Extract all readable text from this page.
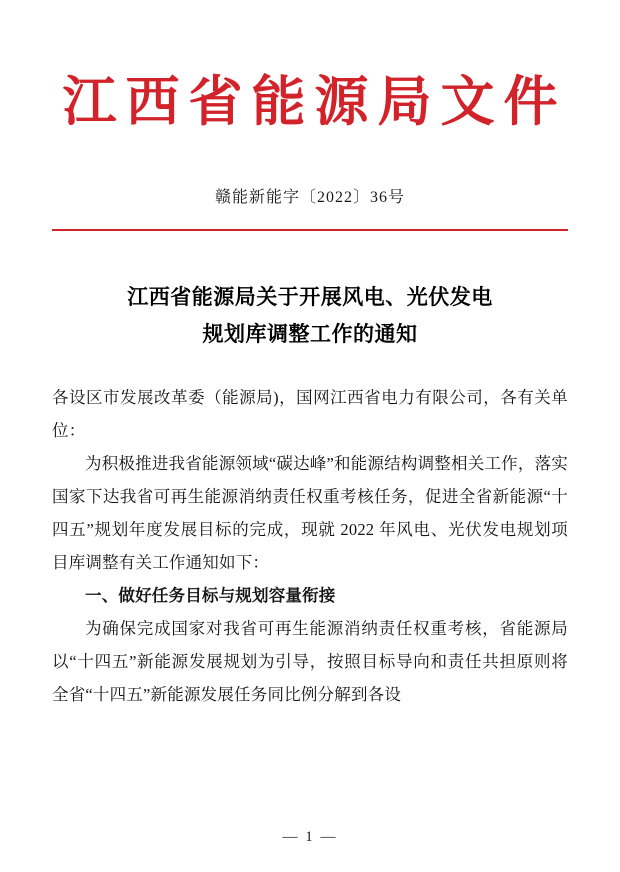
江西省能源局文件
赣能新能字〔2022〕36号
江西省能源局关于开展风电、光伏发电
规划库调整工作的通知

各设区市发展改革委（能源局)，国网江西省电力有限公司，各有关单位：

为积极推进我省能源领域“碳达峰”和能源结构调整相关工作，落实国家下达我省可再生能源消纳责任权重考核任务，促进全省新能源“十四五”规划年度发展目标的完成，现就 2022 年风电、光伏发电规划项目库调整有关工作通知如下：

一、做好任务目标与规划容量衔接

为确保完成国家对我省可再生能源消纳责任权重考核，省能源局以“十四五”新能源发展规划为引导，按照目标导向和责任共担原则将全省“十四五”新能源发展任务同比例分解到各设

— 1 —
